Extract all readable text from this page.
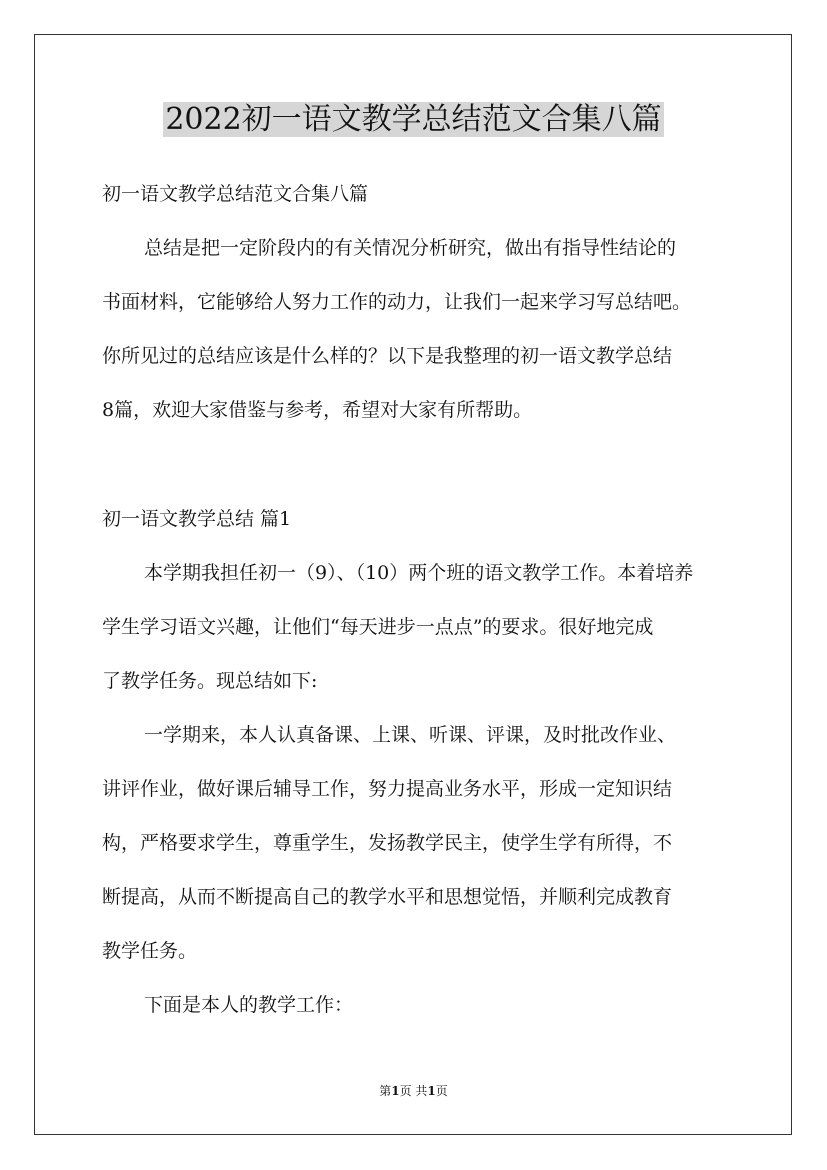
2022初一语文教学总结范文合集八篇
初一语文教学总结范文合集八篇
总结是把一定阶段内的有关情况分析研究，做出有指导性结论的
书面材料，它能够给人努力工作的动力，让我们一起来学习写总结吧。
你所见过的总结应该是什么样的？以下是我整理的初一语文教学总结
8篇，欢迎大家借鉴与参考，希望对大家有所帮助。
初一语文教学总结 篇1
本学期我担任初一（9）、（10）两个班的语文教学工作。本着培养
学生学习语文兴趣，让他们“每天进步一点点”的要求。很好地完成
了教学任务。现总结如下:
一学期来，本人认真备课、上课、听课、评课，及时批改作业、
讲评作业，做好课后辅导工作，努力提高业务水平，形成一定知识结
构，严格要求学生，尊重学生，发扬教学民主，使学生学有所得，不
断提高，从而不断提高自己的教学水平和思想觉悟，并顺利完成教育
教学任务。
下面是本人的教学工作：
第1页 共1页
